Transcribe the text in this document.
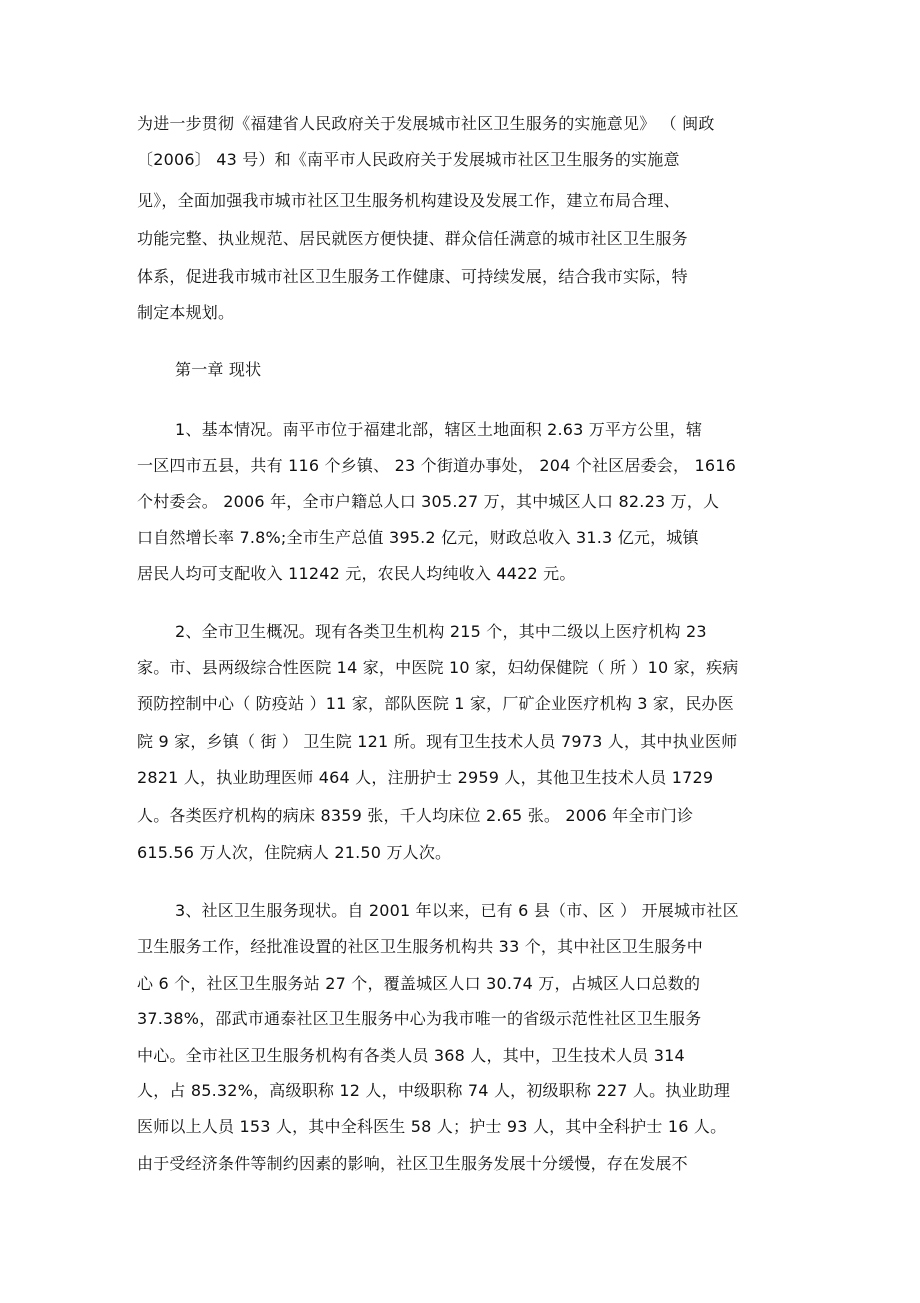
为进一步贯彻《福建省人民政府关于发展城市社区卫生服务的实施意见》 （ 闽政
〔2006〕 43 号）和《南平市人民政府关于发展城市社区卫生服务的实施意
见》，全面加强我市城市社区卫生服务机构建设及发展工作，建立布局合理、
功能完整、执业规范、居民就医方便快捷、群众信任满意的城市社区卫生服务
体系，促进我市城市社区卫生服务工作健康、可持续发展，结合我市实际，特
制定本规划。
第一章 现状
1、基本情况。南平市位于福建北部，辖区土地面积 2.63 万平方公里，辖
一区四市五县，共有 116 个乡镇、 23 个街道办事处， 204 个社区居委会， 1616
个村委会。 2006 年，全市户籍总人口 305.27 万，其中城区人口 82.23 万，人
口自然增长率 7.8%;全市生产总值 395.2 亿元，财政总收入 31.3 亿元，城镇
居民人均可支配收入 11242 元，农民人均纯收入 4422 元。
2、全市卫生概况。现有各类卫生机构 215 个，其中二级以上医疗机构 23
家。市、县两级综合性医院 14 家，中医院 10 家，妇幼保健院（ 所 ）10 家，疾病
预防控制中心（ 防疫站 ）11 家，部队医院 1 家，厂矿企业医疗机构 3 家，民办医
院 9 家，乡镇（ 街 ） 卫生院 121 所。现有卫生技术人员 7973 人，其中执业医师
2821 人，执业助理医师 464 人，注册护士 2959 人，其他卫生技术人员 1729
人。各类医疗机构的病床 8359 张，千人均床位 2.65 张。 2006 年全市门诊
615.56 万人次，住院病人 21.50 万人次。
3、社区卫生服务现状。自 2001 年以来，已有 6 县（市、区 ） 开展城市社区
卫生服务工作，经批准设置的社区卫生服务机构共 33 个，其中社区卫生服务中
心 6 个，社区卫生服务站 27 个，覆盖城区人口 30.74 万，占城区人口总数的
37.38%，邵武市通泰社区卫生服务中心为我市唯一的省级示范性社区卫生服务
中心。全市社区卫生服务机构有各类人员 368 人，其中，卫生技术人员 314
人，占 85.32%，高级职称 12 人，中级职称 74 人，初级职称 227 人。执业助理
医师以上人员 153 人，其中全科医生 58 人；护士 93 人，其中全科护士 16 人。
由于受经济条件等制约因素的影响，社区卫生服务发展十分缓慢，存在发展不
